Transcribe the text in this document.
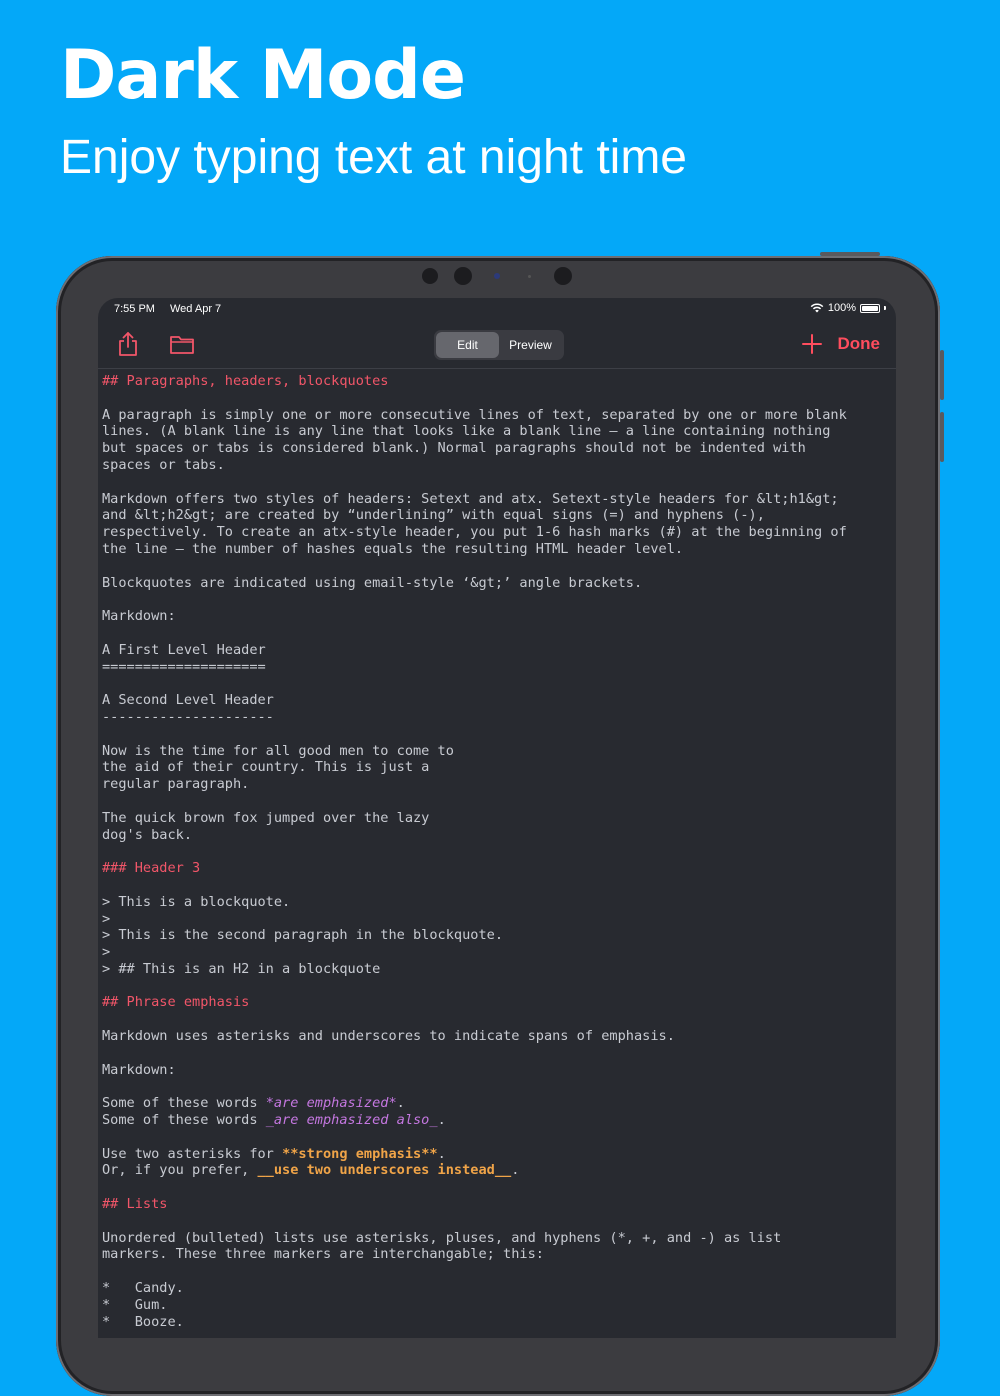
Dark Mode
Enjoy typing text at night time
7:55 PM Wed Apr 7	100%
Edit	Preview	Done
## Paragraphs, headers, blockquotes
A paragraph is simply one or more consecutive lines of text, separated by one or more blank
lines. (A blank line is any line that looks like a blank line – a line containing nothing
but spaces or tabs is considered blank.) Normal paragraphs should not be indented with
spaces or tabs.
Markdown offers two styles of headers: Setext and atx. Setext-style headers for &lt;h1&gt;
and &lt;h2&gt; are created by “underlining” with equal signs (=) and hyphens (-),
respectively. To create an atx-style header, you put 1-6 hash marks (#) at the beginning of
the line – the number of hashes equals the resulting HTML header level.
Blockquotes are indicated using email-style ‘&gt;’ angle brackets.
Markdown:
A First Level Header
====================
A Second Level Header
---------------------
Now is the time for all good men to come to
the aid of their country. This is just a
regular paragraph.
The quick brown fox jumped over the lazy
dog's back.
### Header 3
> This is a blockquote.
>
> This is the second paragraph in the blockquote.
>
> ## This is an H2 in a blockquote
## Phrase emphasis
Markdown uses asterisks and underscores to indicate spans of emphasis.
Markdown:
Some of these words *are emphasized*.
Some of these words _are emphasized also_.
Use two asterisks for **strong emphasis**.
Or, if you prefer, __use two underscores instead__.
## Lists
Unordered (bulleted) lists use asterisks, pluses, and hyphens (*, +, and -) as list
markers. These three markers are interchangable; this:
*   Candy.
*   Gum.
*   Booze.
